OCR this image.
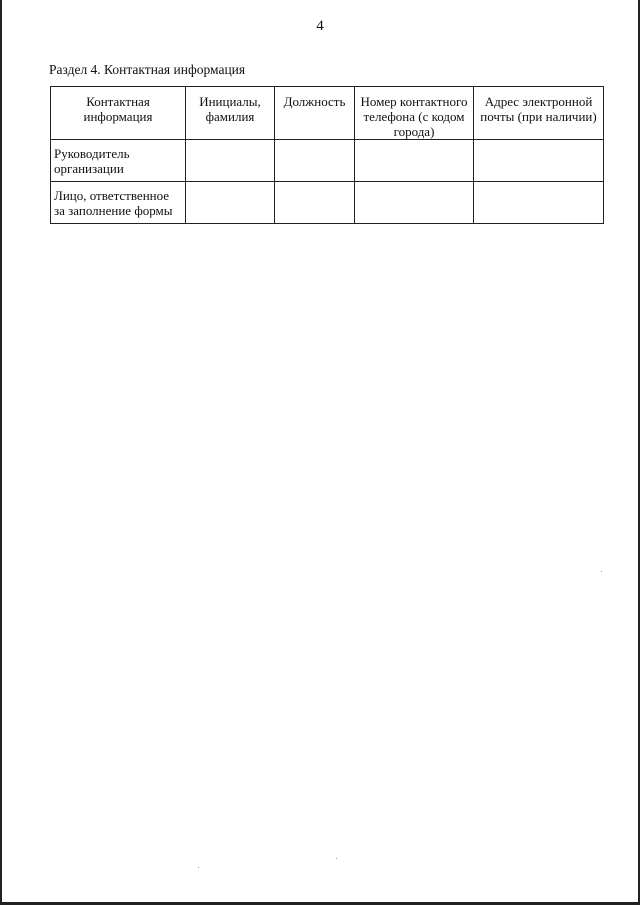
4
Раздел 4. Контактная информация
Контактная информация	Инициалы, фамилия	Должность	Номер контактного телефона (с кодом города)	Адрес электронной почты (при наличии)
Руководитель организации				
Лицо, ответственное за заполнение формы				
